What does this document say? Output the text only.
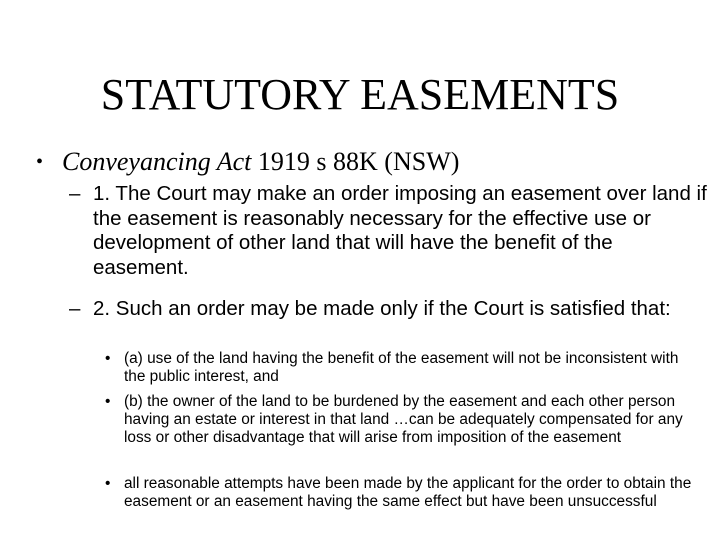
STATUTORY EASEMENTS
• Conveyancing Act 1919 s 88K (NSW)
– 1. The Court may make an order imposing an easement over land if the easement is reasonably necessary for the effective use or development of other land that will have the benefit of the easement.
– 2. Such an order may be made only if the Court is satisfied that:
• (a) use of the land having the benefit of the easement will not be inconsistent with the public interest, and
• (b) the owner of the land to be burdened by the easement and each other person having an estate or interest in that land …can be adequately compensated for any loss or other disadvantage that will arise from imposition of the easement
• all reasonable attempts have been made by the applicant for the order to obtain the easement or an easement having the same effect but have been unsuccessful
